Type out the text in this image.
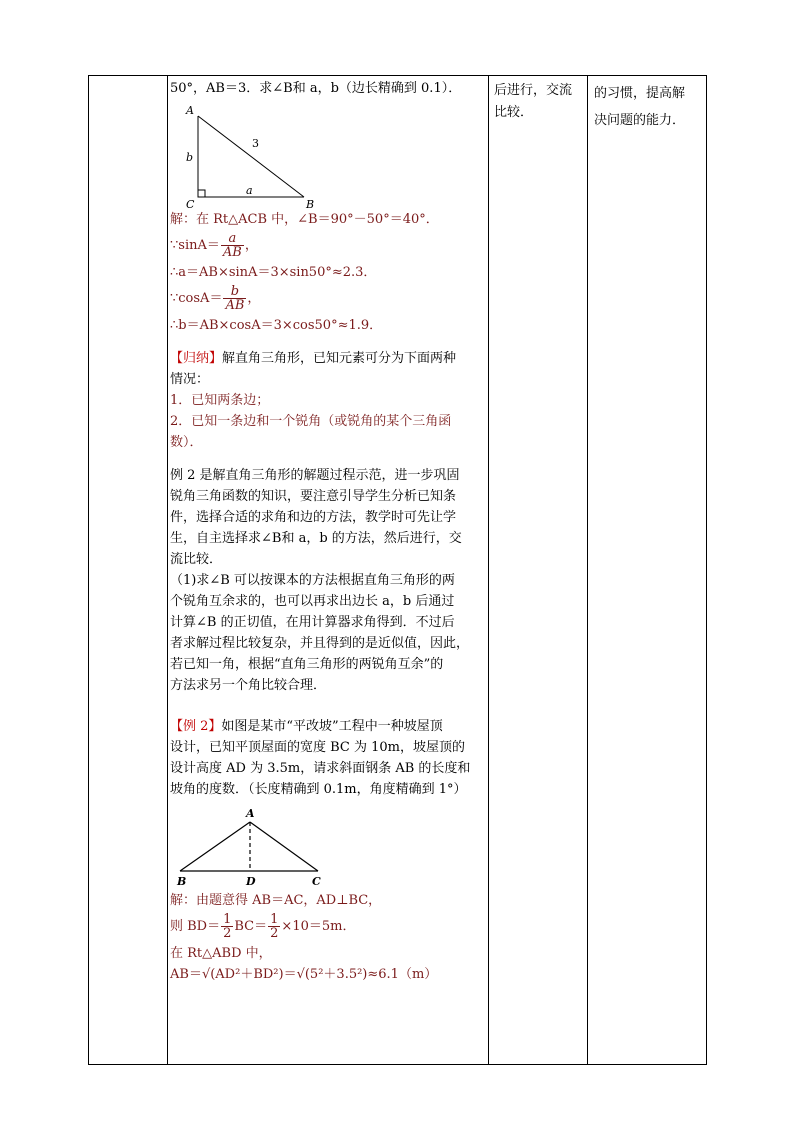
50°，AB＝3．求∠B和 a，b（边长精确到 0.1）．
A
C	B
b
a
3
解：在 Rt△ACB 中，∠B＝90°－50°＝40°．
∵sinA＝ $\frac{a}{AB}$ ，
∴a＝AB×sinA＝3×sin50°≈2.3．
∵cosA＝ $\frac{b}{AB}$ ，
∴b＝AB×cosA＝3×cos50°≈1.9．
【归纳】解直角三角形，已知元素可分为下面两种
情况：
1．已知两条边；
2．已知一条边和一个锐角（或锐角的某个三角函
数）．
例 2 是解直角三角形的解题过程示范，进一步巩固
锐角三角函数的知识，要注意引导学生分析已知条
件，选择合适的求角和边的方法，教学时可先让学
生，自主选择求∠B和 a，b 的方法，然后进行，交
流比较．
（1)求∠B 可以按课本的方法根据直角三角形的两
个锐角互余求的，也可以再求出边长 a，b 后通过
计算∠B 的正切值，在用计算器求角得到．不过后
者求解过程比较复杂，并且得到的是近似值，因此，
若已知一角，根据“直角三角形的两锐角互余”的
方法求另一个角比较合理．
【例 2】如图是某市“平改坡”工程中一种坡屋顶
设计，已知平顶屋面的宽度 BC 为 10m，坡屋顶的
设计高度 AD 为 3.5m，请求斜面钢条 AB 的长度和
坡角的度数．（长度精确到 0.1m，角度精确到 1°）
A
B	D	C
解：由题意得 AB＝AC，AD⊥BC，
则 $BD= \frac{1}{2} BC= \frac{1}{2} \times 10=5m$．
在 Rt△ABD 中，
AB＝√(AD²＋BD²)＝√(5²＋3.5²)≈6.1（m）
后进行，交流
比较．
的习惯，提高解
决问题的能力．
